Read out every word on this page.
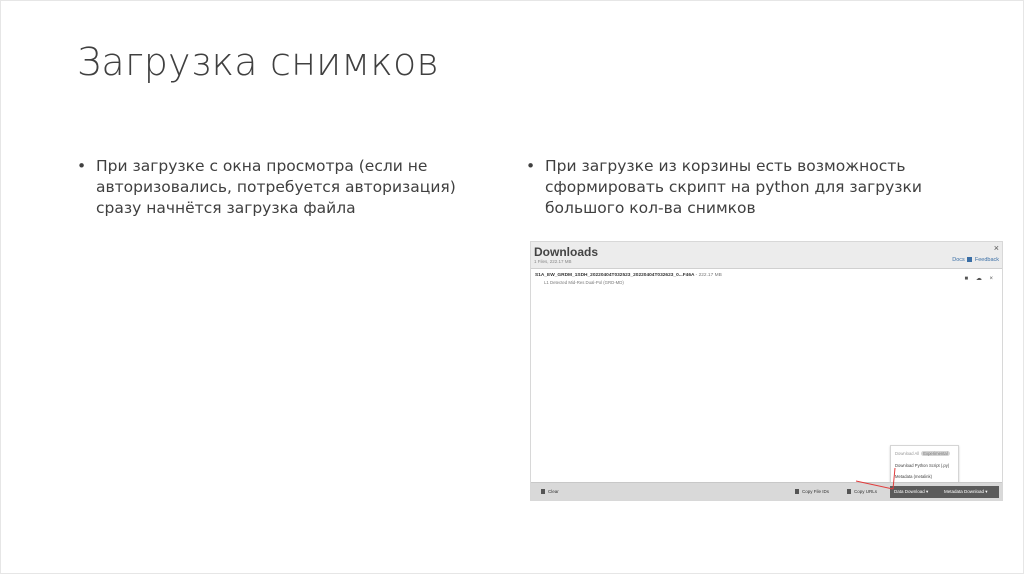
Загрузка снимков
• При загрузке с окна просмотра (если не авторизовались, потребуется авторизация) сразу начнётся загрузка файла
• При загрузке из корзины есть возможность сформировать скрипт на python для загрузки большого кол-ва снимков
Downloads
1 Files, 222.17 MB
×
Docs Feedback
S1A_EW_GRDM_1SDH_20220404T032523_20220404T032623_0...F46A - 222.17 MB
L1 Detected Mid-Res Dual-Pol (GRD-MD)
■ ☁ ×
Download All Experimental
Download Python Script (.py)
Metadata (metalink)
Clear	Copy File IDs	Copy URLs	Data Download ▾	Metadata Download ▾
